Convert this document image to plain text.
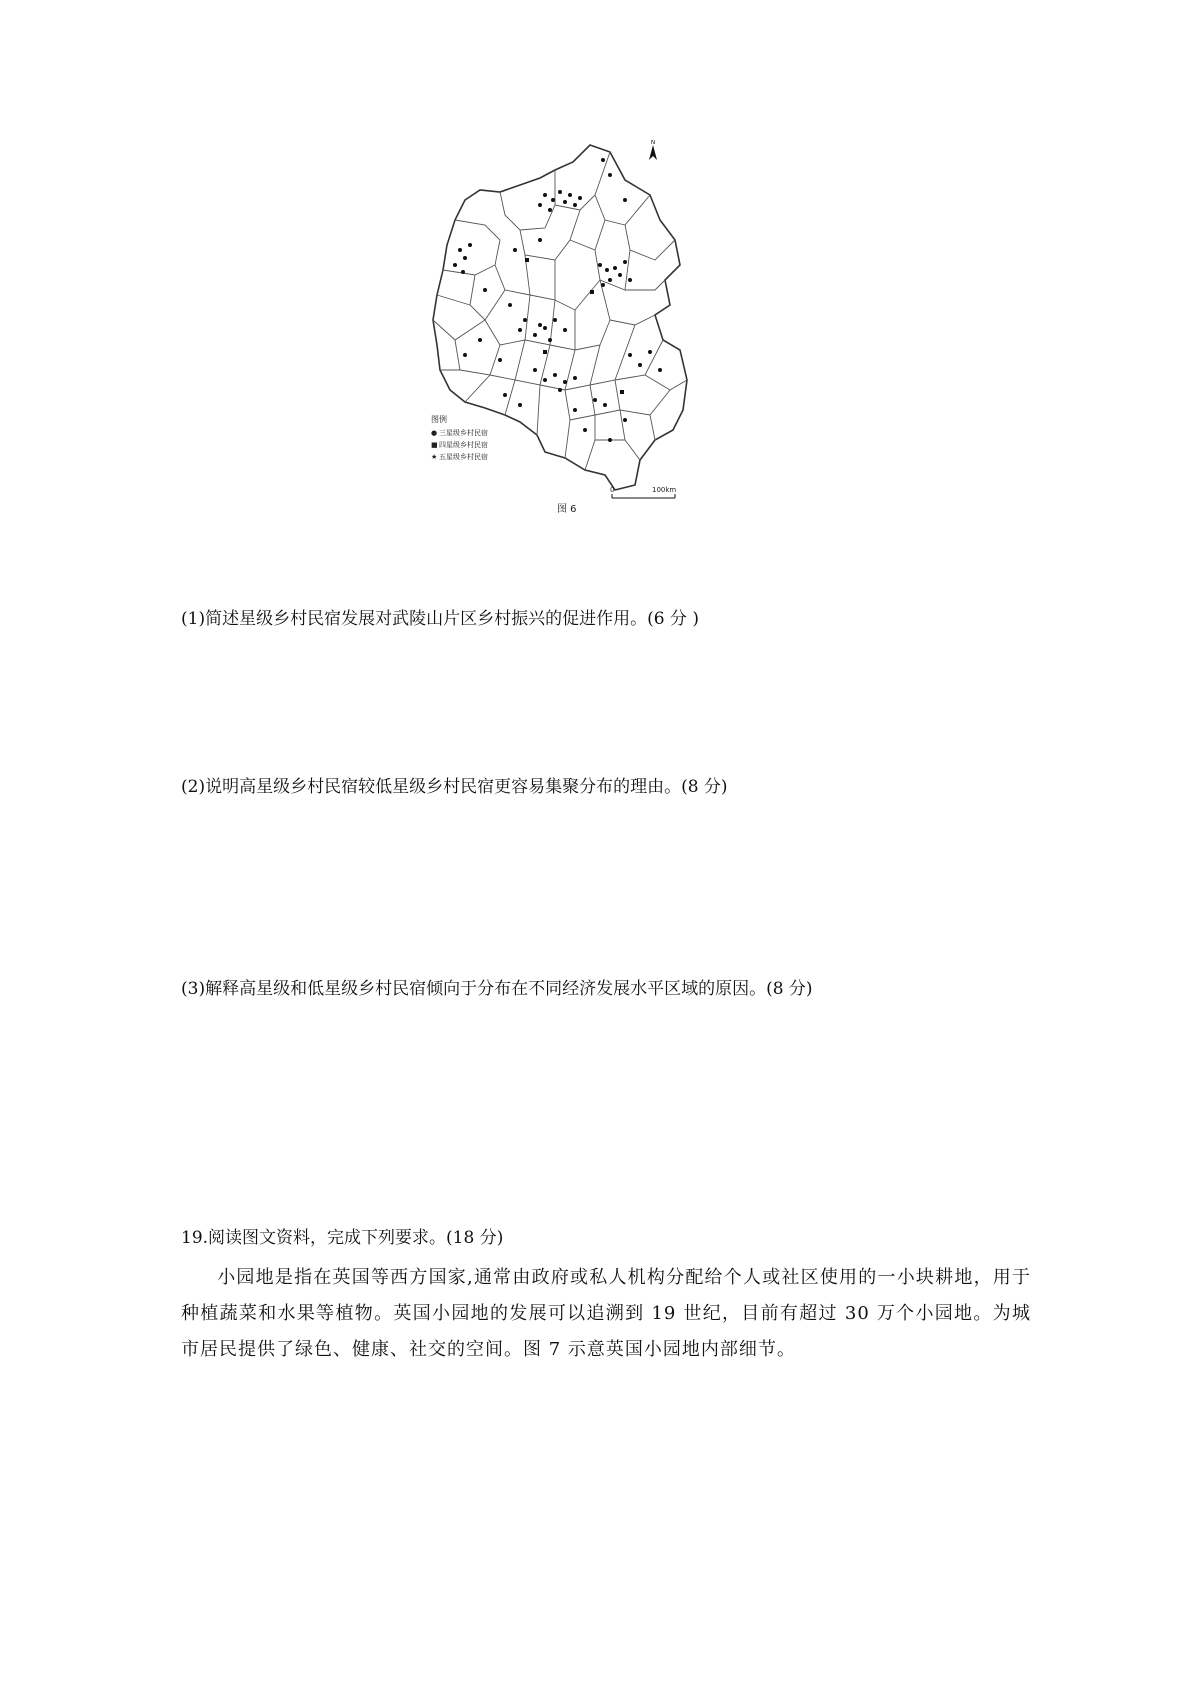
N
图例
● 三星级乡村民宿
■ 四星级乡村民宿
★ 五星级乡村民宿
0	100km
图 6
(1)简述星级乡村民宿发展对武陵山片区乡村振兴的促进作用。(6 分 )
(2)说明高星级乡村民宿较低星级乡村民宿更容易集聚分布的理由。(8 分)
(3)解释高星级和低星级乡村民宿倾向于分布在不同经济发展水平区域的原因。(8 分)
19.阅读图文资料，完成下列要求。(18 分)
小园地是指在英国等西方国家,通常由政府或私人机构分配给个人或社区使用的一小块耕地，用于种植蔬菜和水果等植物。英国小园地的发展可以追溯到 19 世纪，目前有超过 30 万个小园地。为城市居民提供了绿色、健康、社交的空间。图 7 示意英国小园地内部细节。
